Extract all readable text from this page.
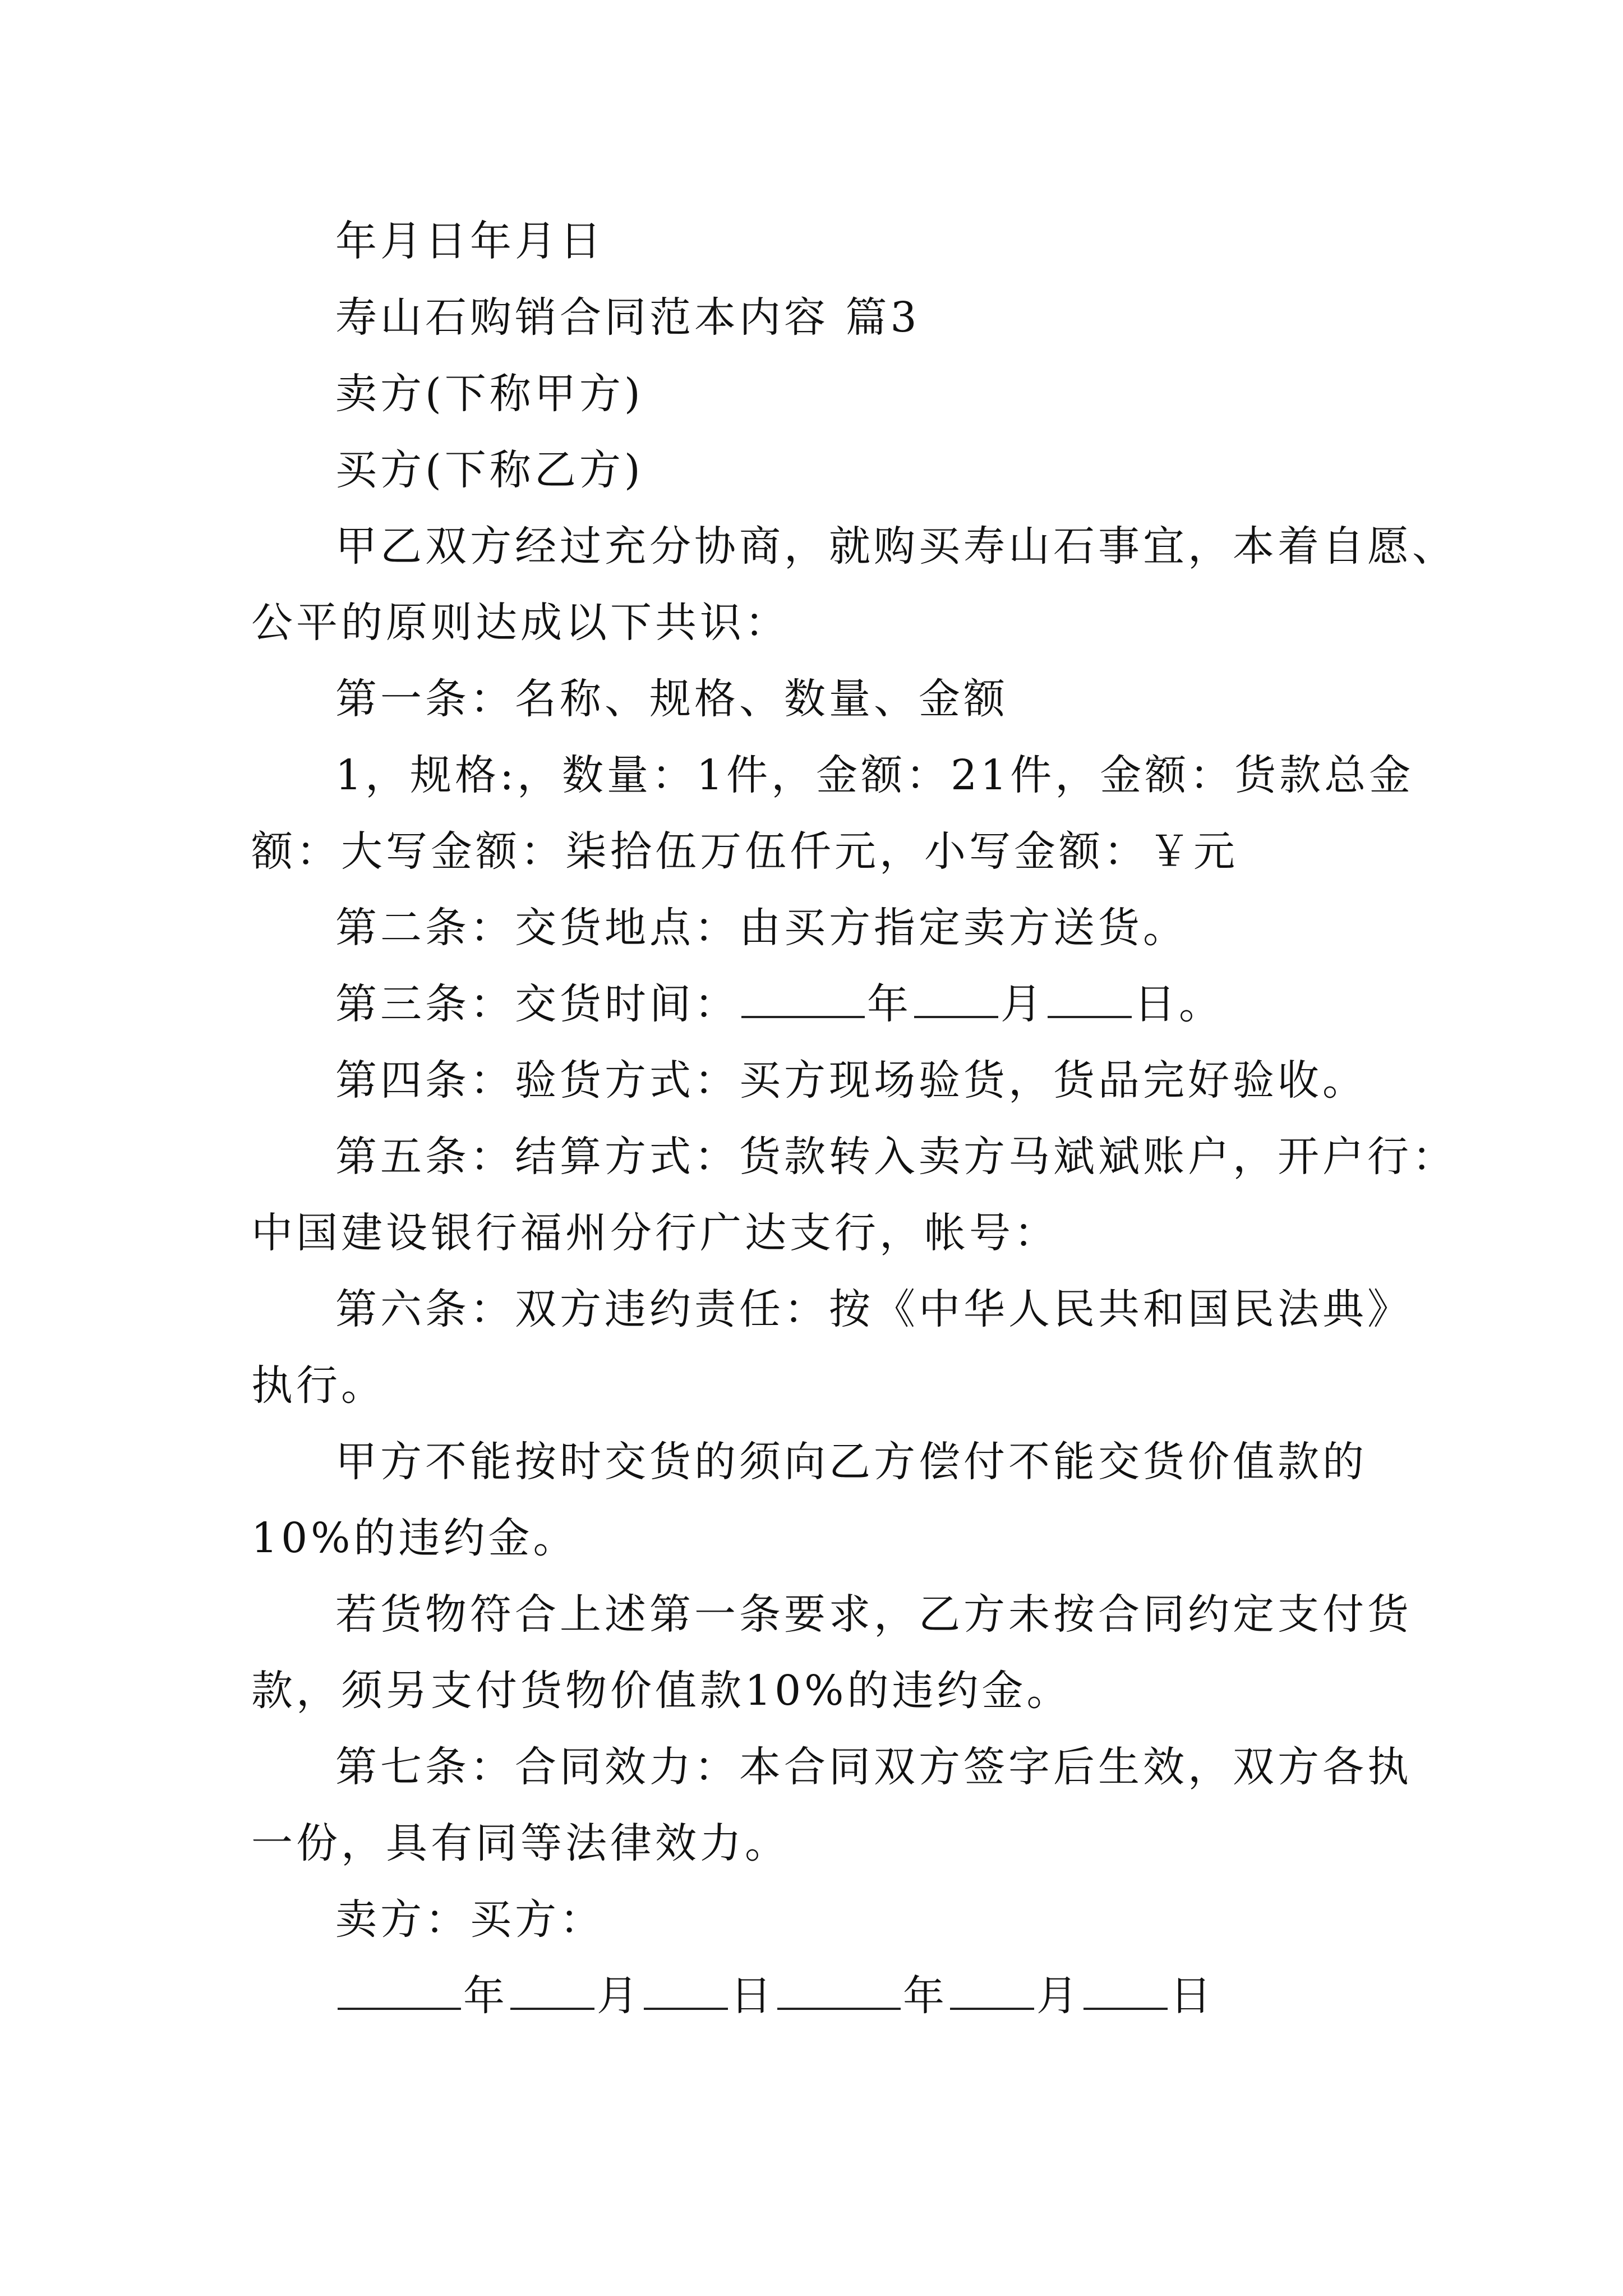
年月日年月日
寿山石购销合同范本内容 篇3
卖方(下称甲方)
买方(下称乙方)
甲乙双方经过充分协商，就购买寿山石事宜，本着自愿、
公平的原则达成以下共识：
第一条：名称、规格、数量、金额
1，规格:，数量：1件，金额：21件，金额：货款总金
额：大写金额：柒拾伍万伍仟元，小写金额：￥元
第二条：交货地点：由买方指定卖方送货。
第三条：交货时间：	年 月 日。
第四条：验货方式：买方现场验货，货品完好验收。
第五条：结算方式：货款转入卖方马斌斌账户，开户行：
中国建设银行福州分行广达支行，帐号：
第六条：双方违约责任：按《中华人民共和国民法典》
执行。
甲方不能按时交货的须向乙方偿付不能交货价值款的
10%的违约金。
若货物符合上述第一条要求，乙方未按合同约定支付货
款，须另支付货物价值款10%的违约金。
第七条：合同效力：本合同双方签字后生效，双方各执
一份，具有同等法律效力。
卖方：买方：
年 月 日	年 月 日
